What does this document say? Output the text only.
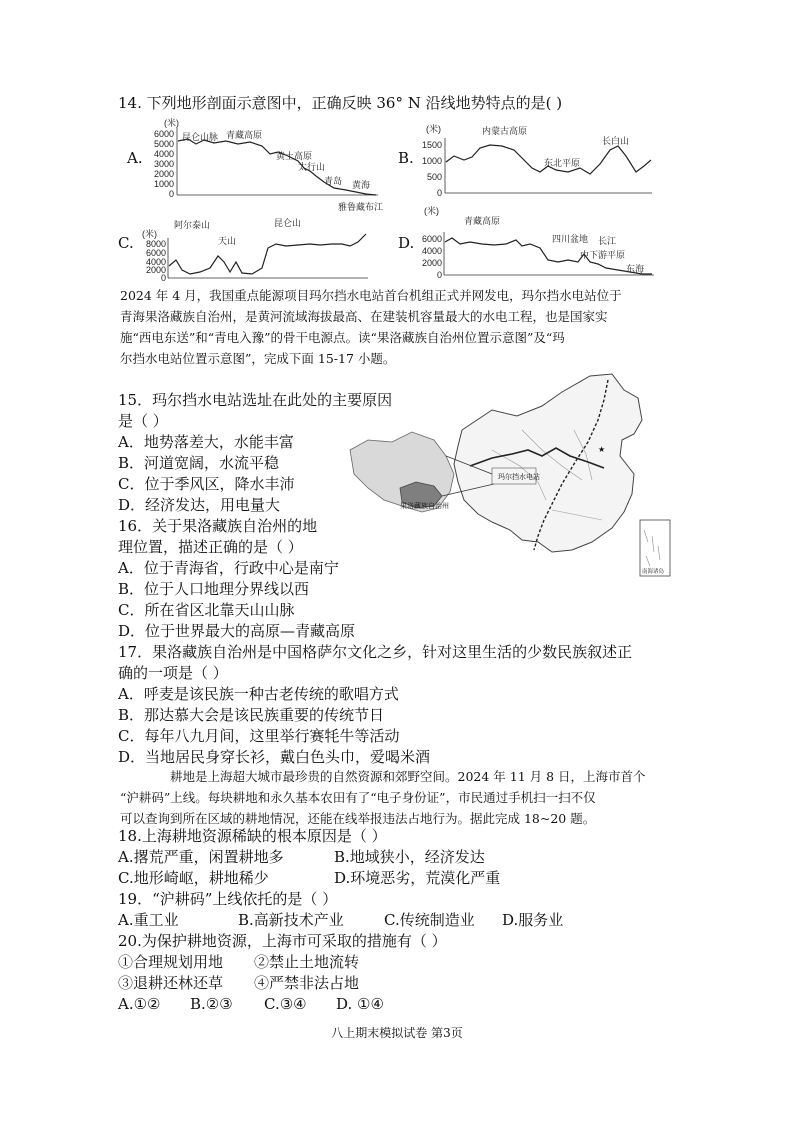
14. 下列地形剖面示意图中，正确反映 36° N 沿线地势特点的是( )
A.
(米)
6000
5000
4000
3000
2000
1000
0
昆仑山脉 青藏高原
黄土高原
太行山
青岛 黄海
B.
(米)
1500
1000
500
0
内蒙古高原
东北平原
长白山
C. (米)
8000
6000
4000
2000
0
阿尔泰山
天山
昆仑山
雅鲁藏布江
D.
(米)
6000
4000
2000
0
青藏高原
四川盆地 长江
中下游平原
东海
2024 年 4 月，我国重点能源项目玛尔挡水电站首台机组正式并网发电，玛尔挡水电站位于
青海果洛藏族自治州，是黄河流域海拔最高、在建装机容量最大的水电工程，也是国家实
施“西电东送”和“青电入豫”的骨干电源点。读“果洛藏族自治州位置示意图”及“玛
尔挡水电站位置示意图”，完成下面 15-17 小题。
15．玛尔挡水电站选址在此处的主要原因
是（ ）
A．地势落差大，水能丰富
B．河道宽阔，水流平稳
C．位于季风区，降水丰沛
D．经济发达，用电量大	果洛藏族自治州
玛尔挡水电站
★
南海诸岛
16．关于果洛藏族自治州的地
理位置，描述正确的是（ ）
A．位于青海省，行政中心是南宁
B．位于人口地理分界线以西
C．所在省区北靠天山山脉
D．位于世界最大的高原—青藏高原
17．果洛藏族自治州是中国格萨尔文化之乡，针对这里生活的少数民族叙述正
确的一项是（ ）
A．呼麦是该民族一种古老传统的歌唱方式
B．那达慕大会是该民族重要的传统节日
C．每年八九月间，这里举行赛牦牛等活动
D．当地居民身穿长衫，戴白色头巾，爱喝米酒
耕地是上海超大城市最珍贵的自然资源和郊野空间。2024 年 11 月 8 日，上海市首个
“沪耕码”上线。每块耕地和永久基本农田有了“电子身份证”，市民通过手机扫一扫不仅
可以查询到所在区域的耕地情况，还能在线举报违法占地行为。据此完成 18~20 题。
18.上海耕地资源稀缺的根本原因是（ ）
A.撂荒严重，闲置耕地多	B.地域狭小，经济发达
C.地形崎岖，耕地稀少	D.环境恶劣，荒漠化严重
19．“沪耕码”上线依托的是（ ）
A.重工业	B.高新技术产业	C.传统制造业 D.服务业
20.为保护耕地资源，上海市可采取的措施有（ ）
①合理规划用地 ②禁止土地流转
③退耕还林还草 ④严禁非法占地
A.①② B.②③ C.③④ D. ①④
八上期末模拟试卷 第3页
